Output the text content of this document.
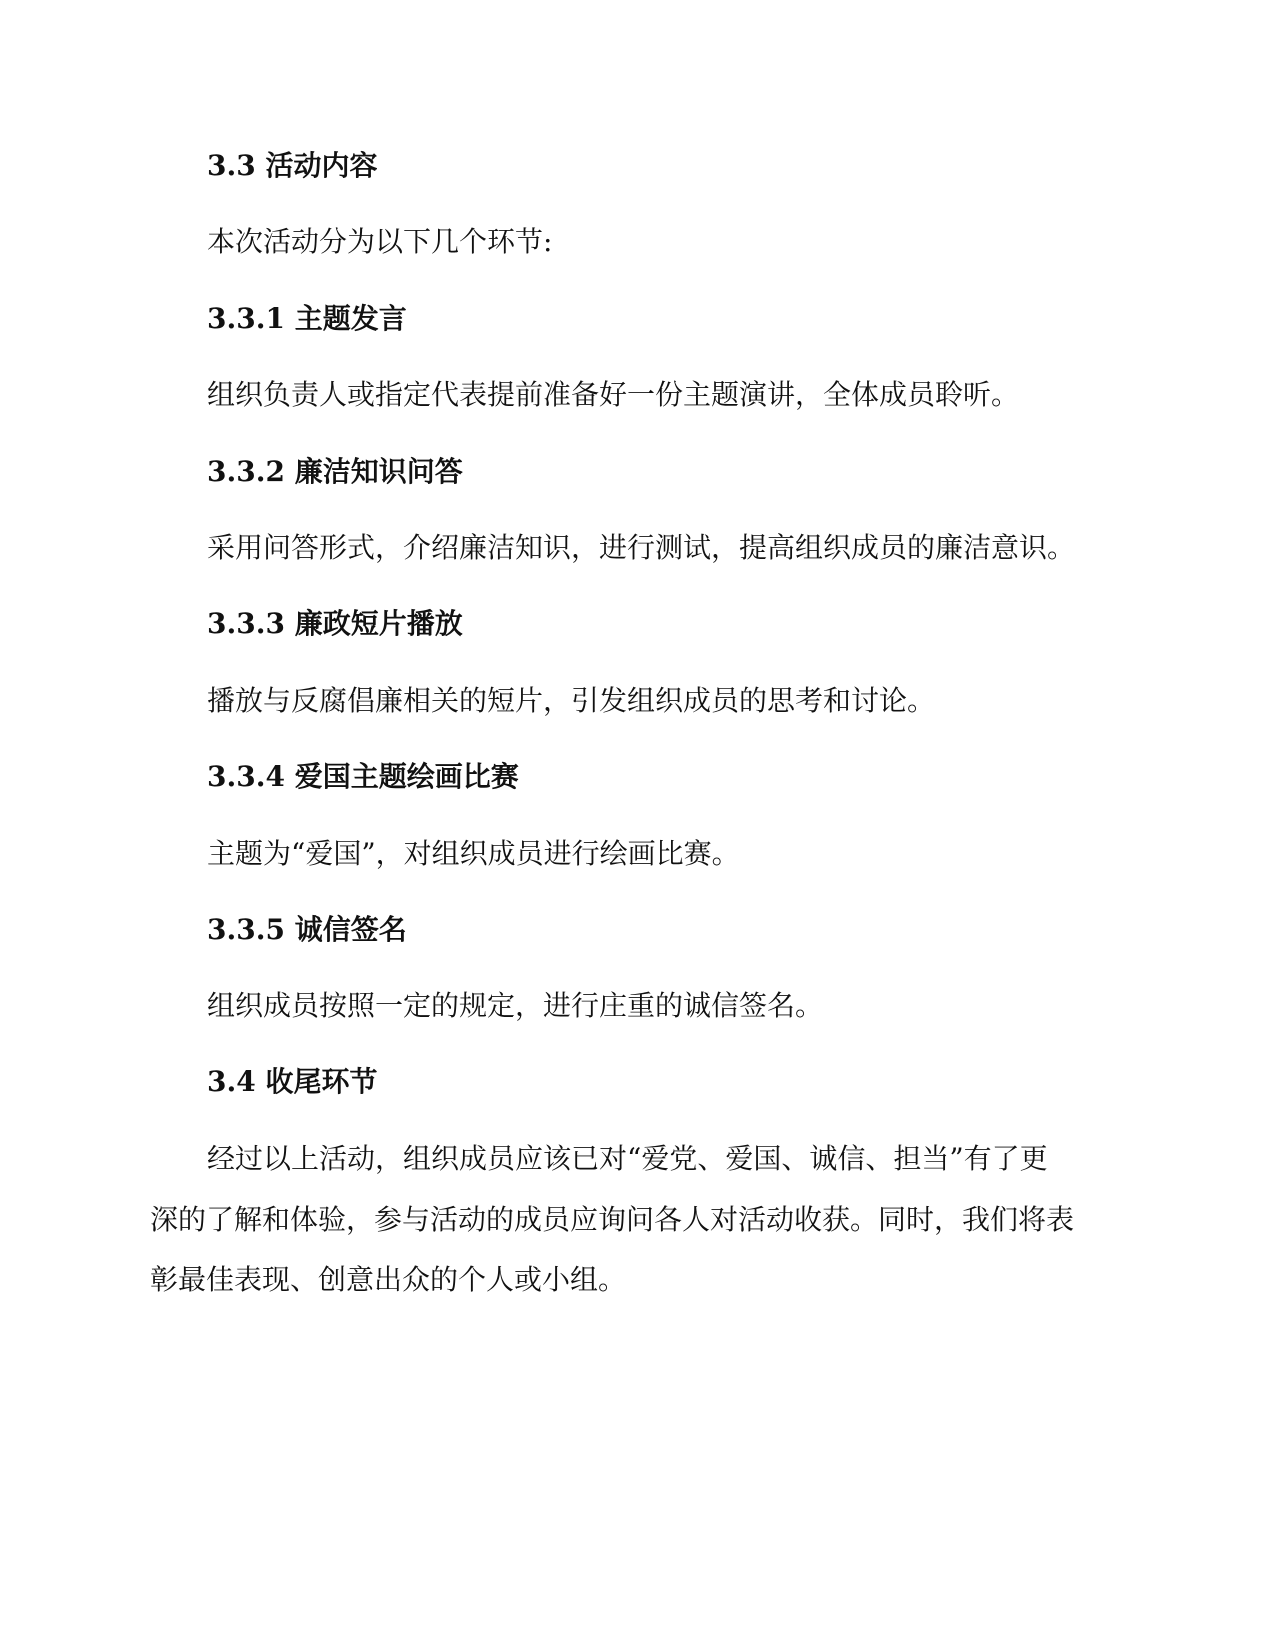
3.3 活动内容
本次活动分为以下几个环节:
3.3.1 主题发言
组织负责人或指定代表提前准备好一份主题演讲，全体成员聆听。
3.3.2 廉洁知识问答
采用问答形式，介绍廉洁知识，进行测试，提高组织成员的廉洁意识。
3.3.3 廉政短片播放
播放与反腐倡廉相关的短片，引发组织成员的思考和讨论。
3.3.4 爱国主题绘画比赛
主题为“爱国”，对组织成员进行绘画比赛。
3.3.5 诚信签名
组织成员按照一定的规定，进行庄重的诚信签名。
3.4 收尾环节
经过以上活动，组织成员应该已对“爱党、爱国、诚信、担当”有了更
深的了解和体验，参与活动的成员应询问各人对活动收获。同时，我们将表
彰最佳表现、创意出众的个人或小组。
